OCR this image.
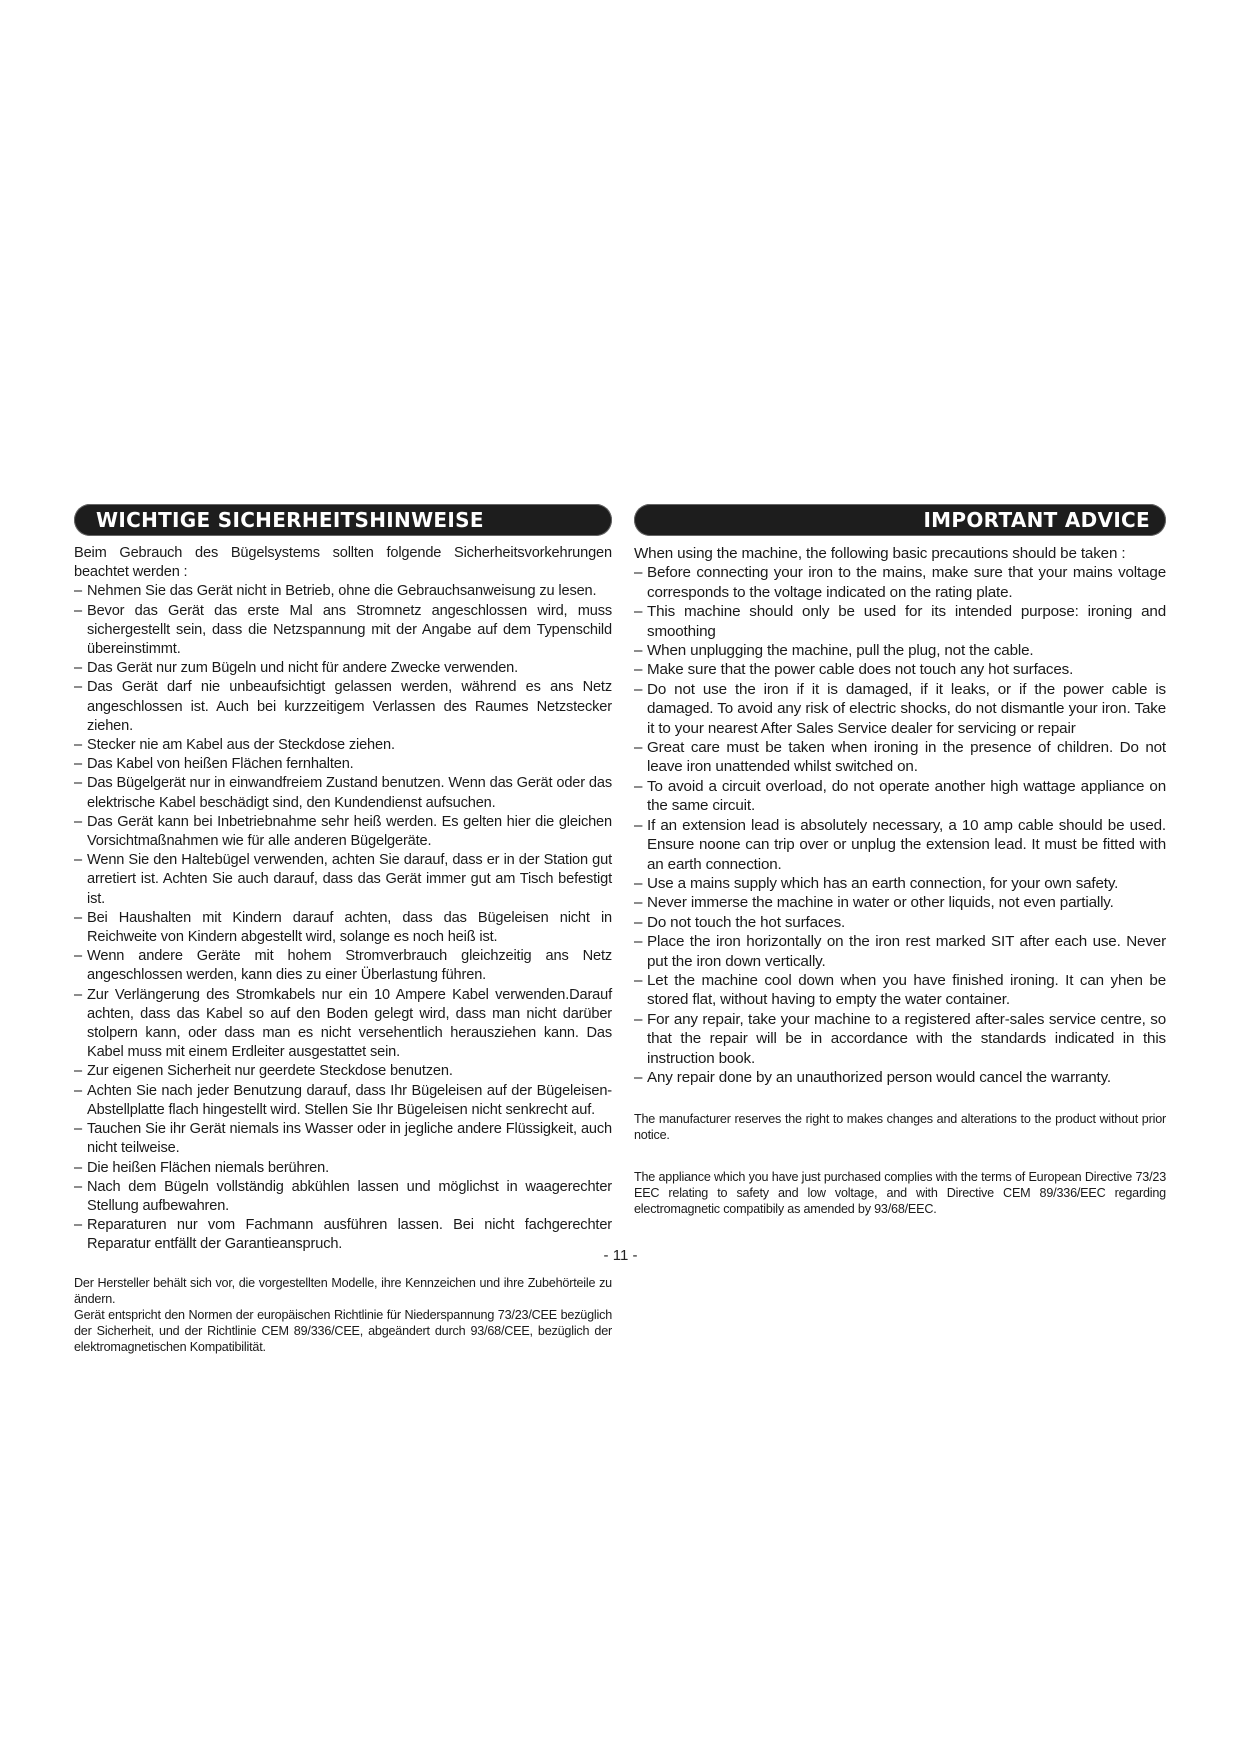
WICHTIGE SICHERHEITSHINWEISE

Beim Gebrauch des Bügelsystems sollten folgende Sicherheitsvorkehrungen beachtet werden :

– Nehmen Sie das Gerät nicht in Betrieb, ohne die Gebrauchsanweisung zu lesen.
– Bevor das Gerät das erste Mal ans Stromnetz angeschlossen wird, muss sichergestellt sein, dass die Netzspannung mit der Angabe auf dem Typenschild übereinstimmt.
– Das Gerät nur zum Bügeln und nicht für andere Zwecke verwenden.
– Das Gerät darf nie unbeaufsichtigt gelassen werden, während es ans Netz angeschlossen ist. Auch bei kurzzeitigem Verlassen des Raumes Netzstecker ziehen.
– Stecker nie am Kabel aus der Steckdose ziehen.
– Das Kabel von heißen Flächen fernhalten.
– Das Bügelgerät nur in einwandfreiem Zustand benutzen. Wenn das Gerät oder das elektrische Kabel beschädigt sind, den Kundendienst aufsuchen.
– Das Gerät kann bei Inbetriebnahme sehr heiß werden. Es gelten hier die gleichen Vorsichtmaßnahmen wie für alle anderen Bügelgeräte.
– Wenn Sie den Haltebügel verwenden, achten Sie darauf, dass er in der Station gut arretiert ist. Achten Sie auch darauf, dass das Gerät immer gut am Tisch befestigt ist.
– Bei Haushalten mit Kindern darauf achten, dass das Bügeleisen nicht in Reichweite von Kindern abgestellt wird, solange es noch heiß ist.
– Wenn andere Geräte mit hohem Stromverbrauch gleichzeitig ans Netz angeschlossen werden, kann dies zu einer Überlastung führen.
– Zur Verlängerung des Stromkabels nur ein 10 Ampere Kabel verwenden.Darauf achten, dass das Kabel so auf den Boden gelegt wird, dass man nicht darüber stolpern kann, oder dass man es nicht versehentlich herausziehen kann. Das Kabel muss mit einem Erdleiter ausgestattet sein.
– Zur eigenen Sicherheit nur geerdete Steckdose benutzen.
– Achten Sie nach jeder Benutzung darauf, dass Ihr Bügeleisen auf der Bügeleisen-Abstellplatte flach hingestellt wird. Stellen Sie Ihr Bügeleisen nicht senkrecht auf.
– Tauchen Sie ihr Gerät niemals ins Wasser oder in jegliche andere Flüssigkeit, auch nicht teilweise.
– Die heißen Flächen niemals berühren.
– Nach dem Bügeln vollständig abkühlen lassen und möglichst in waagerechter Stellung aufbewahren.
– Reparaturen nur vom Fachmann ausführen lassen. Bei nicht fachgerechter Reparatur entfällt der Garantieanspruch.
Der Hersteller behält sich vor, die vorgestellten Modelle, ihre Kennzeichen und ihre Zubehörteile zu ändern.
Gerät entspricht den Normen der europäischen Richtlinie für Niederspannung 73/23/CEE bezüglich der Sicherheit, und der Richtlinie CEM 89/336/CEE, abgeändert durch 93/68/CEE, bezüglich der elektromagnetischen Kompatibilität.
IMPORTANT ADVICE

When using the machine, the following basic precautions should be taken :

– Before connecting your iron to the mains, make sure that your mains voltage corresponds to the voltage indicated on the rating plate.
– This machine should only be used for its intended purpose: ironing and smoothing
– When unplugging the machine, pull the plug, not the cable.
– Make sure that the power cable does not touch any hot surfaces.
– Do not use the iron if it is damaged, if it leaks, or if the power cable is damaged. To avoid any risk of electric shocks, do not dismantle your iron. Take it to your nearest After Sales Service dealer for servicing or repair
– Great care must be taken when ironing in the presence of children. Do not leave iron unattended whilst switched on.
– To avoid a circuit overload, do not operate another high wattage appliance on the same circuit.
– If an extension lead is absolutely necessary, a 10 amp cable should be used. Ensure noone can trip over or unplug the extension lead. It must be fitted with an earth connection.
– Use a mains supply which has an earth connection, for your own safety.
– Never immerse the machine in water or other liquids, not even partially.
– Do not touch the hot surfaces.
– Place the iron horizontally on the iron rest marked SIT after each use. Never put the iron down vertically.
– Let the machine cool down when you have finished ironing. It can yhen be stored flat, without having to empty the water container.
– For any repair, take your machine to a registered after-sales service centre, so that the repair will be in accordance with the standards indicated in this instruction book.
– Any repair done by an unauthorized person would cancel the warranty.
The manufacturer reserves the right to makes changes and alterations to the product without prior notice.
The appliance which you have just purchased complies with the terms of European Directive 73/23 EEC relating to safety and low voltage, and with Directive CEM 89/336/EEC regarding electromagnetic compatibily as amended by 93/68/EEC.
- 11 -
